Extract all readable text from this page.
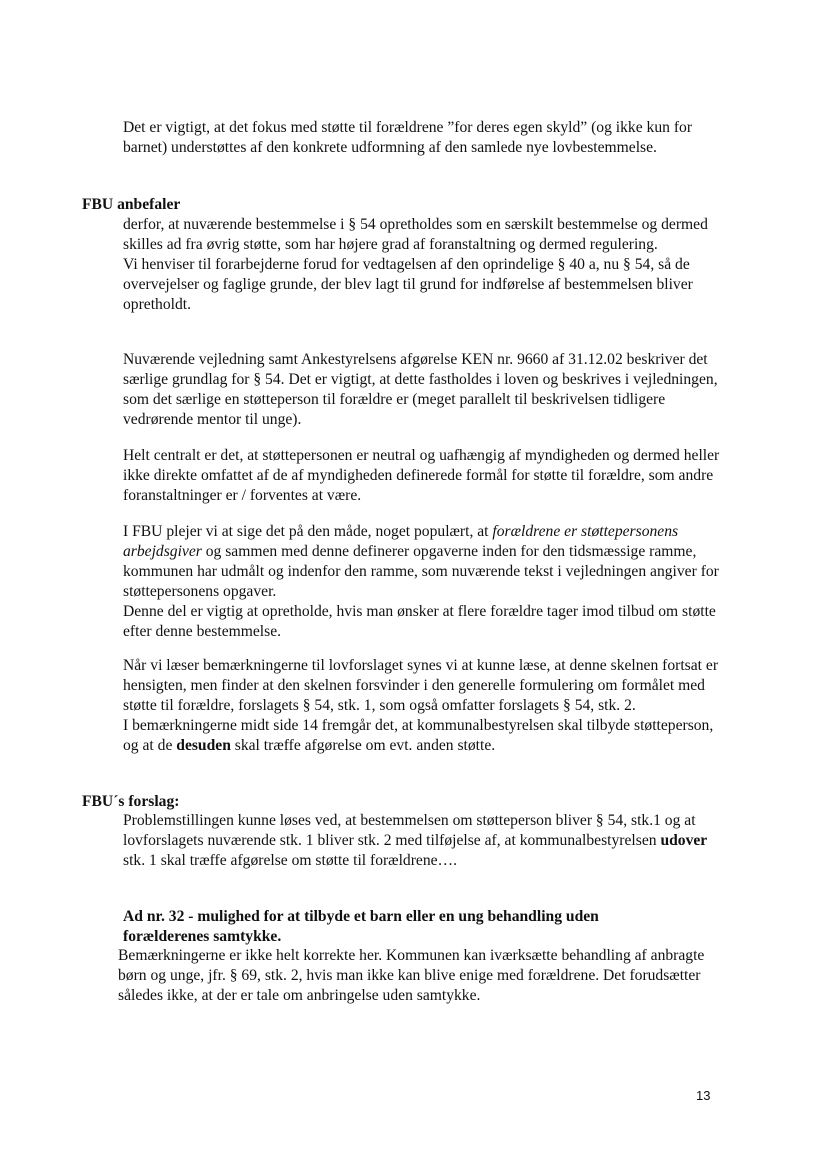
Det er vigtigt, at det fokus med støtte til forældrene ”for deres egen skyld” (og ikke kun for barnet) understøttes af den konkrete udformning af den samlede nye lovbestemmelse.

FBU anbefaler

derfor, at nuværende bestemmelse i § 54 opretholdes som en særskilt bestemmelse og dermed skilles ad fra øvrig støtte, som har højere grad af foranstaltning og dermed regulering.

Vi henviser til forarbejderne forud for vedtagelsen af den oprindelige § 40 a, nu § 54, så de overvejelser og faglige grunde, der blev lagt til grund for indførelse af bestemmelsen bliver opretholdt.

Nuværende vejledning samt Ankestyrelsens afgørelse KEN nr. 9660 af 31.12.02 beskriver det særlige grundlag for § 54. Det er vigtigt, at dette fastholdes i loven og beskrives i vejledningen, som det særlige en støtteperson til forældre er (meget parallelt til beskrivelsen tidligere vedrørende mentor til unge).

Helt centralt er det, at støttepersonen er neutral og uafhængig af myndigheden og dermed heller ikke direkte omfattet af de af myndigheden definerede formål for støtte til forældre, som andre foranstaltninger er / forventes at være.

I FBU plejer vi at sige det på den måde, noget populært, at forældrene er støttepersonens arbejdsgiver og sammen med denne definerer opgaverne inden for den tidsmæssige ramme, kommunen har udmålt og indenfor den ramme, som nuværende tekst i vejledningen angiver for støttepersonens opgaver.

Denne del er vigtig at opretholde, hvis man ønsker at flere forældre tager imod tilbud om støtte efter denne bestemmelse.

Når vi læser bemærkningerne til lovforslaget synes vi at kunne læse, at denne skelnen fortsat er hensigten, men finder at den skelnen forsvinder i den generelle formulering om formålet med støtte til forældre, forslagets § 54, stk. 1, som også omfatter forslagets § 54, stk. 2.

I bemærkningerne midt side 14 fremgår det, at kommunalbestyrelsen skal tilbyde støtteperson, og at de desuden skal træffe afgørelse om evt. anden støtte.

FBU´s forslag:

Problemstillingen kunne løses ved, at bestemmelsen om støtteperson bliver § 54, stk.1 og at lovforslagets nuværende stk. 1 bliver stk. 2 med tilføjelse af, at kommunalbestyrelsen udover stk. 1 skal træffe afgørelse om støtte til forældrene….

Ad nr. 32 - mulighed for at tilbyde et barn eller en ung behandling uden forælderenes samtykke.

Bemærkningerne er ikke helt korrekte her. Kommunen kan iværksætte behandling af anbragte børn og unge, jfr. § 69, stk. 2, hvis man ikke kan blive enige med forældrene. Det forudsætter således ikke, at der er tale om anbringelse uden samtykke.

13
